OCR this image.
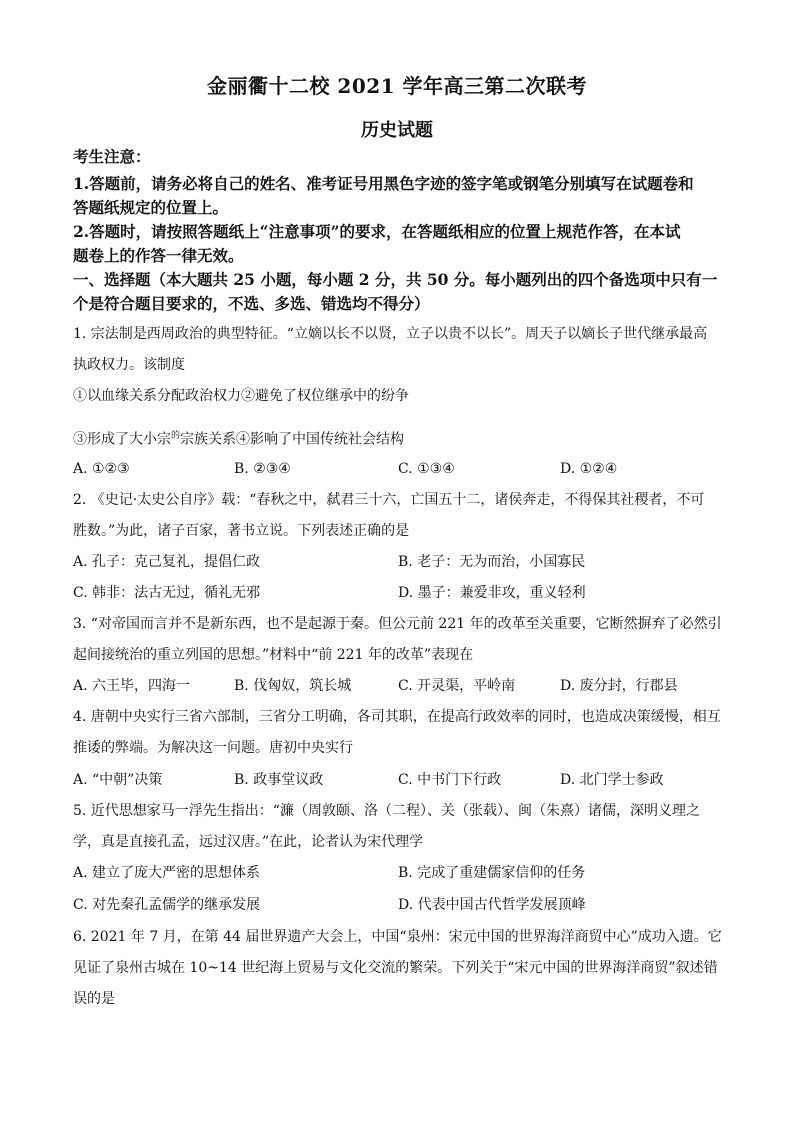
金丽衢十二校 2021 学年高三第二次联考
历史试题
考生注意：
1.答题前，请务必将自己的姓名、准考证号用黑色字迹的签字笔或钢笔分别填写在试题卷和
答题纸规定的位置上。
2.答题时，请按照答题纸上“注意事项”的要求，在答题纸相应的位置上规范作答，在本试
题卷上的作答一律无效。
一、选择题（本大题共 25 小题，每小题 2 分，共 50 分。每小题列出的四个备选项中只有一
个是符合题目要求的，不选、多选、错选均不得分）
1. 宗法制是西周政治的典型特征。“立嫡以长不以贤，立子以贵不以长”。周天子以嫡长子世代继承最高
执政权力。该制度
①以血缘关系分配政治权力②避免了权位继承中的纷争
③形成了大小宗$^的$宗族关系④影响了中国传统社会结构
A. ①②③	B. ②③④	C. ①③④	D. ①②④
2. 《史记·太史公自序》载：“春秋之中，弑君三十六，亡国五十二，诸侯奔走，不得保其社稷者，不可
胜数。”为此，诸子百家，著书立说。下列表述正确的是
A. 孔子：克己复礼，提倡仁政	B. 老子：无为而治，小国寡民
C. 韩非：法古无过，循礼无邪	D. 墨子：兼爱非攻，重义轻利
3. “对帝国而言并不是新东西，也不是起源于秦。但公元前 221 年的改革至关重要，它断然摒弃了必然引
起间接统治的重立列国的思想。”材料中“前 221 年的改革”表现在
A. 六王毕，四海一	B. 伐匈奴，筑长城	C. 开灵渠，平岭南	D. 废分封，行郡县
4. 唐朝中央实行三省六部制，三省分工明确，各司其职，在提高行政效率的同时，也造成决策缓慢，相互
推诿的弊端。为解决这一问题。唐初中央实行
A. “中朝”决策	B. 政事堂议政	C. 中书门下行政	D. 北门学士参政
5. 近代思想家马一浮先生指出：“濂（周敦颐、洛（二程）、关（张载）、闽（朱熹）诸儒，深明义理之
学，真是直接孔孟，远过汉唐。”在此，论者认为宋代理学
A. 建立了庞大严密的思想体系	B. 完成了重建儒家信仰的任务
C. 对先秦孔孟儒学的继承发展	D. 代表中国古代哲学发展顶峰
6. 2021 年 7 月，在第 44 届世界遗产大会上，中国“泉州：宋元中国的世界海洋商贸中心”成功入遗。它
见证了泉州古城在 10~14 世纪海上贸易与文化交流的繁荣。下列关于“宋元中国的世界海洋商贸”叙述错
误的是
